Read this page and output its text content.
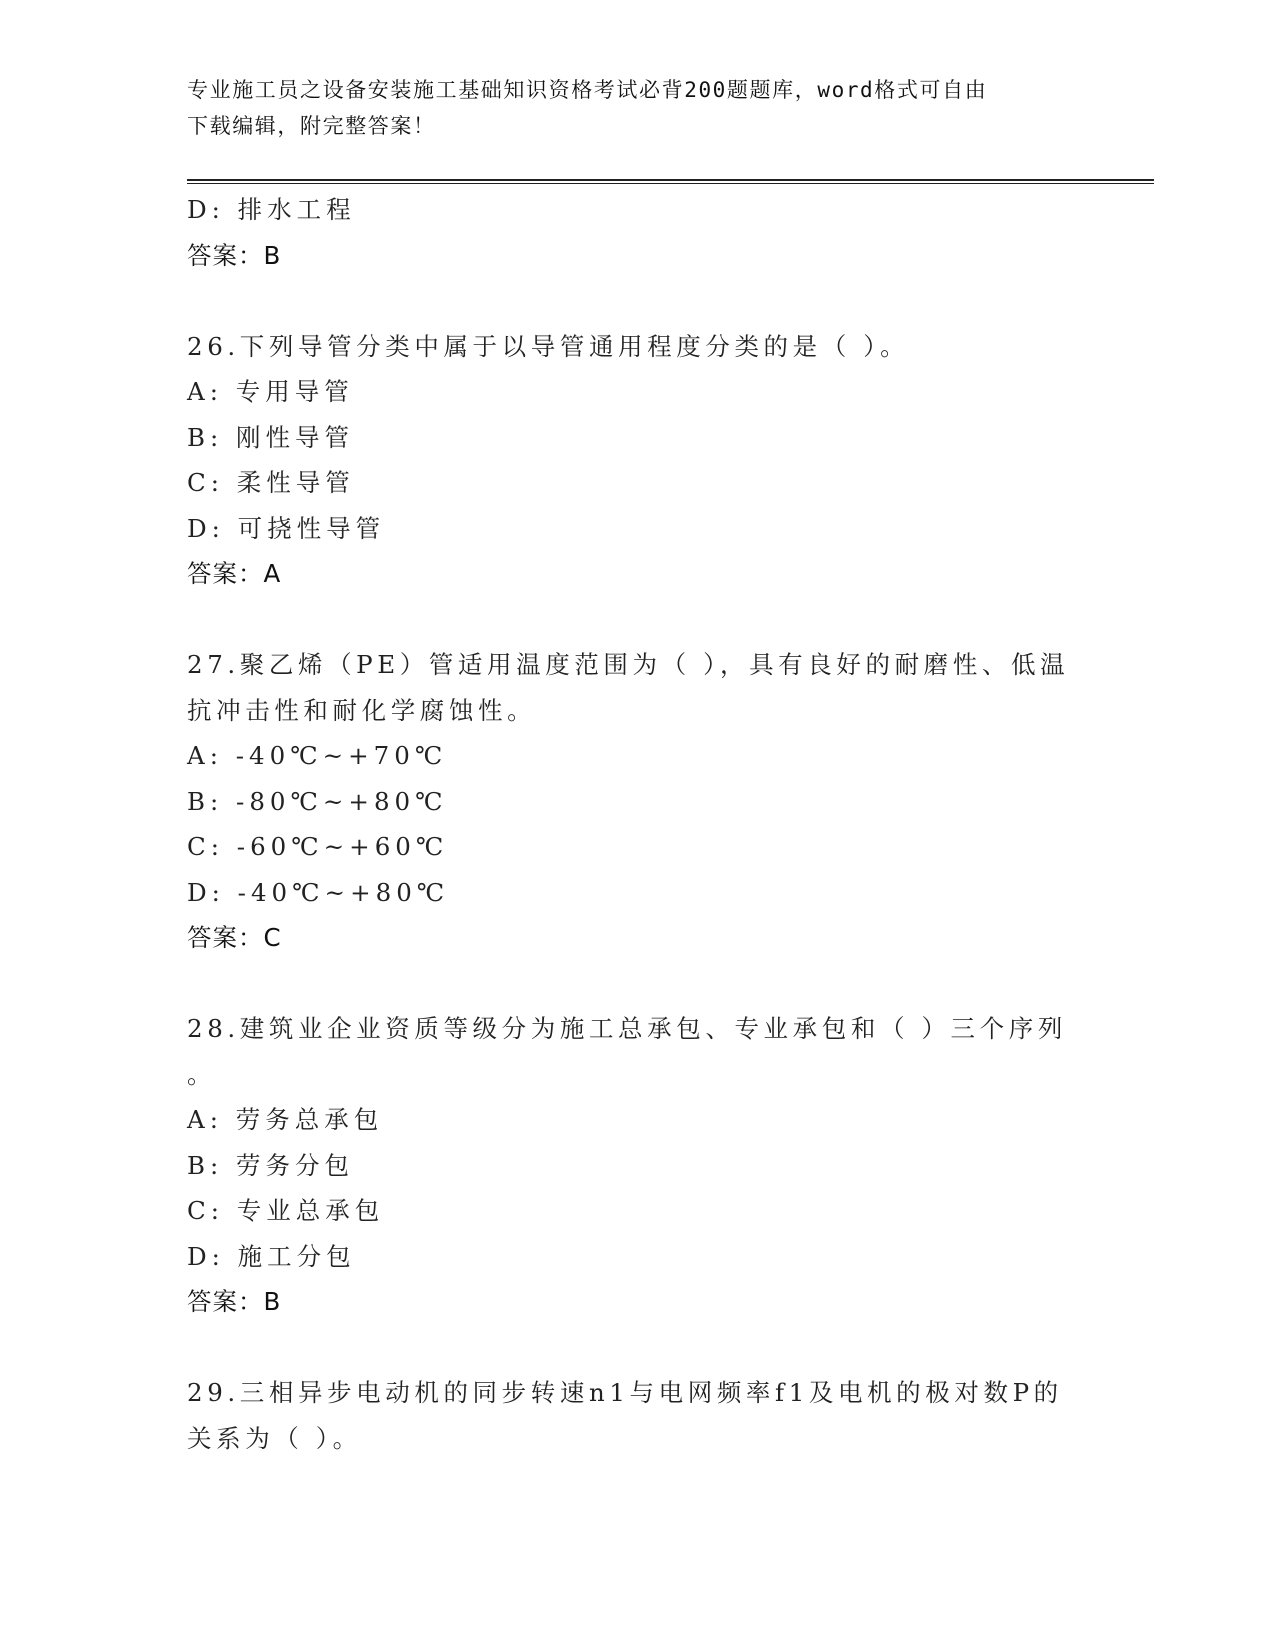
专业施工员之设备安装施工基础知识资格考试必背200题题库，word格式可自由
下载编辑，附完整答案！
D: 排水工程
答案：B
26.下列导管分类中属于以导管通用程度分类的是（ ）。
A: 专用导管
B: 刚性导管
C: 柔性导管
D: 可挠性导管
答案：A
27.聚乙烯（PE）管适用温度范围为（ ），具有良好的耐磨性、低温
抗冲击性和耐化学腐蚀性。
A: -40℃~+70℃
B: -80℃~+80℃
C: -60℃~+60℃
D: -40℃~+80℃
答案：C
28.建筑业企业资质等级分为施工总承包、专业承包和（ ）三个序列
。
A: 劳务总承包
B: 劳务分包
C: 专业总承包
D: 施工分包
答案：B
29.三相异步电动机的同步转速n1与电网频率f1及电机的极对数P的
关系为（ ）。
